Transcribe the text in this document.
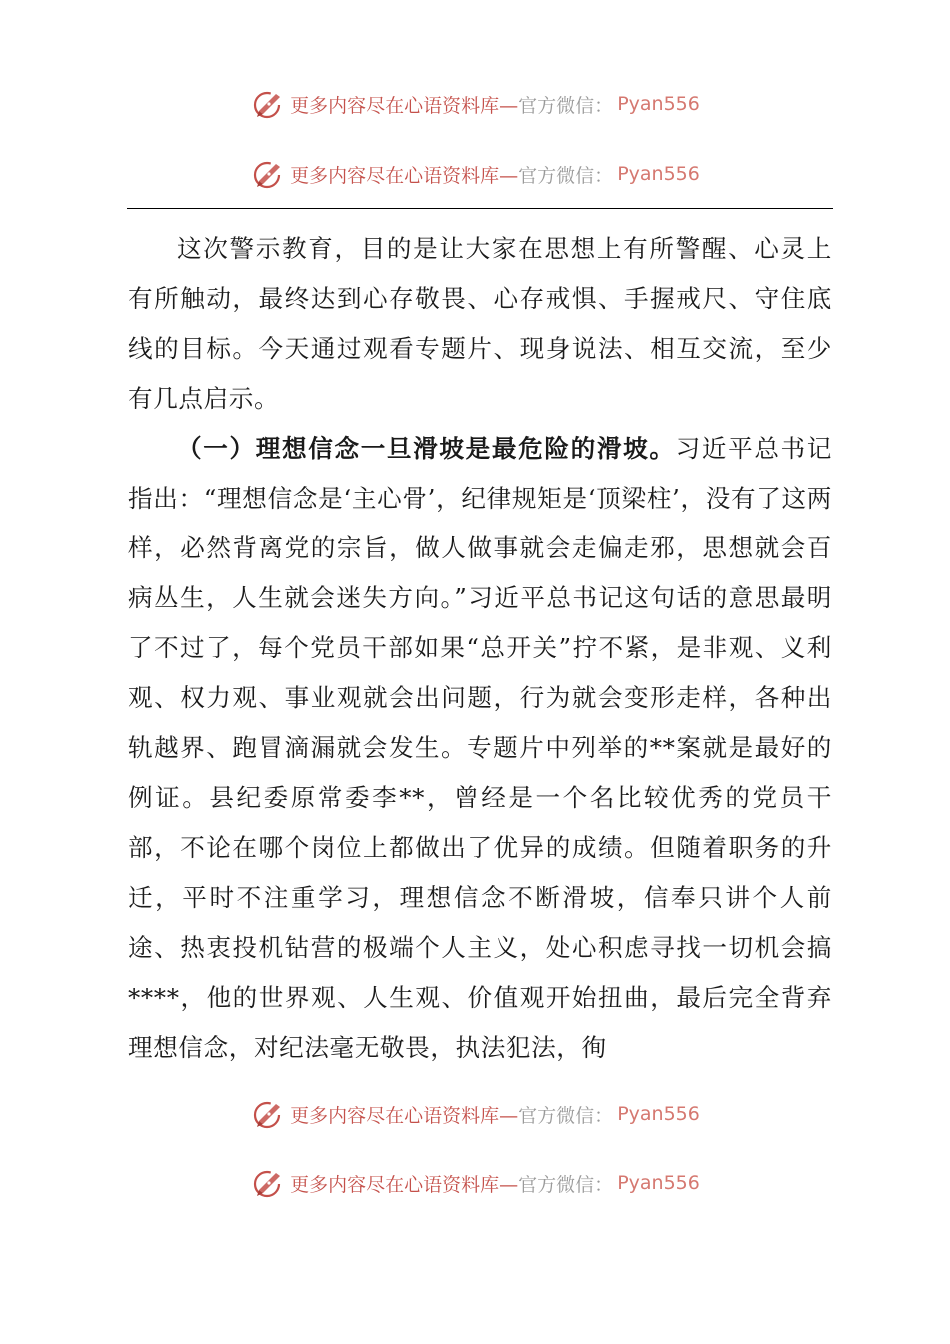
更多内容尽在心语资料库— 官方微信： Pyan556
更多内容尽在心语资料库— 官方微信： Pyan556

这次警示教育，目的是让大家在思想上有所警醒、心灵上有所触动，最终达到心存敬畏、心存戒惧、手握戒尺、守住底线的目标。今天通过观看专题片、现身说法、相互交流，至少有几点启示。

（一）理想信念一旦滑坡是最危险的滑坡。习近平总书记指出：“理想信念是‘主心骨’，纪律规矩是‘顶梁柱’，没有了这两样，必然背离党的宗旨，做人做事就会走偏走邪，思想就会百病丛生，人生就会迷失方向。”习近平总书记这句话的意思最明了不过了，每个党员干部如果“总开关”拧不紧，是非观、义利观、权力观、事业观就会出问题，行为就会变形走样，各种出轨越界、跑冒滴漏就会发生。专题片中列举的**案就是最好的例证。县纪委原常委李**，曾经是一个名比较优秀的党员干部，不论在哪个岗位上都做出了优异的成绩。但随着职务的升迁，平时不注重学习，理想信念不断滑坡，信奉只讲个人前途、热衷投机钻营的极端个人主义，处心积虑寻找一切机会搞****，他的世界观、人生观、价值观开始扭曲，最后完全背弃理想信念，对纪法毫无敬畏，执法犯法，徇

更多内容尽在心语资料库— 官方微信： Pyan556
更多内容尽在心语资料库— 官方微信： Pyan556
